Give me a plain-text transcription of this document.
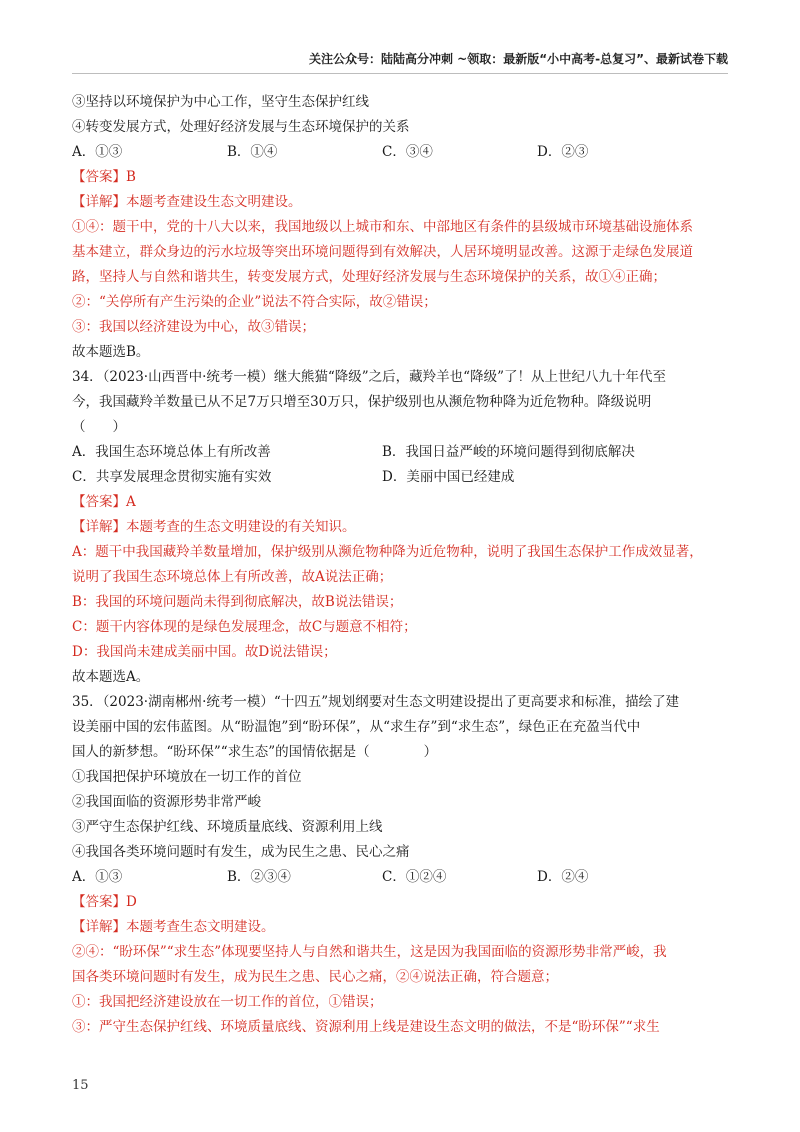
关注公众号：陆陆高分冲刺 ~领取：最新版“小中高考-总复习”、最新试卷下载
③坚持以环境保护为中心工作，坚守生态保护红线
④转变发展方式，处理好经济发展与生态环境保护的关系
A．①③	B．①④	C．③④	D．②③
【答案】B
【详解】本题考查建设生态文明建设。
①④：题干中，党的十八大以来，我国地级以上城市和东、中部地区有条件的县级城市环境基础设施体系
基本建立，群众身边的污水垃圾等突出环境问题得到有效解决，人居环境明显改善。这源于走绿色发展道
路，坚持人与自然和谐共生，转变发展方式，处理好经济发展与生态环境保护的关系，故①④正确；
②：“关停所有产生污染的企业”说法不符合实际，故②错误；
③：我国以经济建设为中心，故③错误；
故本题选B。
34．（2023·山西晋中·统考一模）继大熊猫“降级”之后，藏羚羊也“降级”了！从上世纪八九十年代至
今，我国藏羚羊数量已从不足7万只增至30万只，保护级别也从濒危物种降为近危物种。降级说明
（　　）
A．我国生态环境总体上有所改善	B．我国日益严峻的环境问题得到彻底解决
C．共享发展理念贯彻实施有实效	D．美丽中国已经建成
【答案】A
【详解】本题考查的生态文明建设的有关知识。
A：题干中我国藏羚羊数量增加，保护级别从濒危物种降为近危物种，说明了我国生态保护工作成效显著，
说明了我国生态环境总体上有所改善，故A说法正确；
B：我国的环境问题尚未得到彻底解决，故B说法错误；
C：题干内容体现的是绿色发展理念，故C与题意不相符；
D：我国尚未建成美丽中国。故D说法错误；
故本题选A。
35．（2023·湖南郴州·统考一模）“十四五”规划纲要对生态文明建设提出了更高要求和标准，描绘了建
设美丽中国的宏伟蓝图。从“盼温饱”到“盼环保”，从“求生存”到“求生态”，绿色正在充盈当代中
国人的新梦想。“盼环保”“求生态”的国情依据是（　　　　）
①我国把保护环境放在一切工作的首位
②我国面临的资源形势非常严峻
③严守生态保护红线、环境质量底线、资源利用上线
④我国各类环境问题时有发生，成为民生之患、民心之痛
A．①③	B．②③④	C．①②④	D．②④
【答案】D
【详解】本题考查生态文明建设。
②④：“盼环保”“求生态”体现要坚持人与自然和谐共生，这是因为我国面临的资源形势非常严峻，我
国各类环境问题时有发生，成为民生之患、民心之痛，②④说法正确，符合题意；
①：我国把经济建设放在一切工作的首位，①错误；
③：严守生态保护红线、环境质量底线、资源利用上线是建设生态文明的做法，不是“盼环保”“求生
15
